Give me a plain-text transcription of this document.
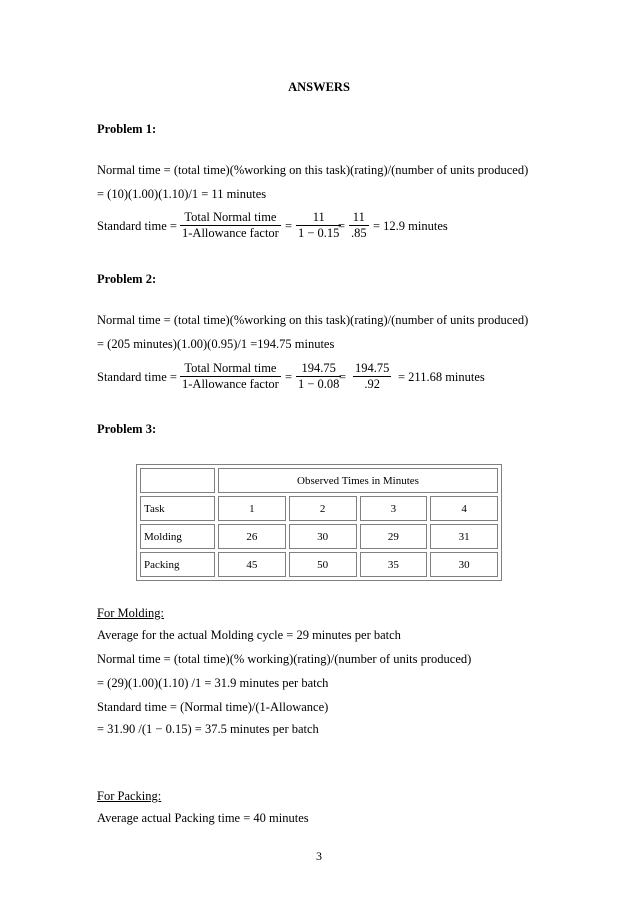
ANSWERS
Problem 1:
Normal time = (total time)(%working on this task)(rating)/(number of units produced)
= (10)(1.00)(1.10)/1 = 11 minutes
Standard time =
Total Normal time
1-Allowance factor = $\frac{11}{1 - 0.15}$
= $\frac{11}{.85} = 12.9$ minutes
Problem 2:
Normal time = (total time)(%working on this task)(rating)/(number of units produced)
= (205 minutes)(1.00)(0.95)/1 =194.75 minutes
Standard time =
Total Normal time
1-Allowance factor = $\frac{194.75}{1 - 0.08}$
= $\frac{194.75}{.92} = 211.68$ minutes
Problem 3:
	Observed Times in Minutes			
Task	1	2	3	4
Molding	26	30	29	31
Packing	45	50	35	30
For Molding:
Average for the actual Molding cycle = 29 minutes per batch
Normal time = (total time)(% working)(rating)/(number of units produced)
= (29)(1.00)(1.10) /1 = 31.9 minutes per batch
Standard time = (Normal time)/(1-Allowance)
= 31.90 /(1 − 0.15) = 37.5 minutes per batch
For Packing:
Average actual Packing time = 40 minutes
3
